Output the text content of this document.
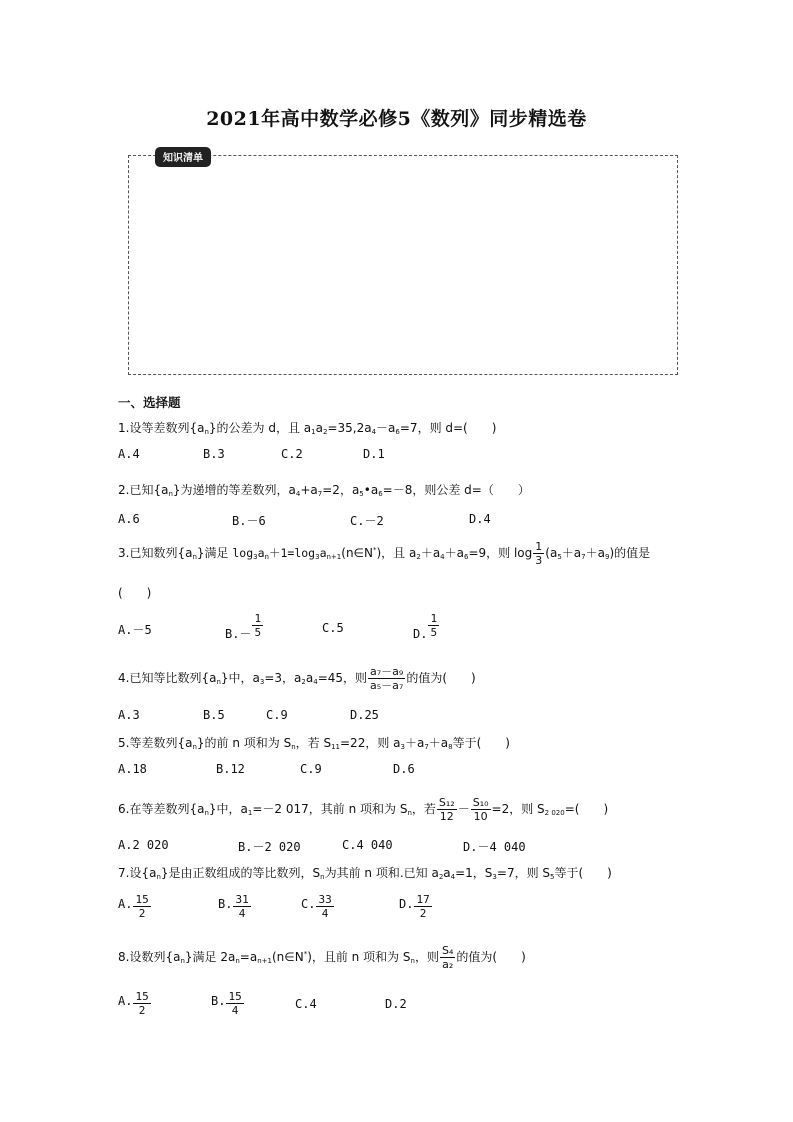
2021年高中数学必修5《数列》同步精选卷
知识清单
一、选择题
1.设等差数列$\{a_n\}$的公差为 d，且 $a_1a_2=35,2a_4-a_6=7$，则 d=(　　)
A.4	B.3	C.2	D.1
2.已知$\{a_n\}$为递增的等差数列，$a_4+a_7=2$，$a_5•a_6=-8$，则公差 d=（　　）
A.6	B.－6	C.－2	D.4
3.已知数列$\{a_n\}$满足 $\log_3a_n+1=\log_3a_{n+1}(n\in N^*)$，且 $a_2+a_4+a_6=9$，则 $\log \frac{1}{3} (a_5+a_7+a_9)$的值是
(　　)
A.－5	$B.- \frac{1}{5}$	C.5	D. $\frac{1}{5}$
4.已知等比数列$\{a_n\}$中，$a_3=3$，$a_2a_4=45$，则 $\frac{\text{a₇－a₉}}{\text{a₅－a₇}}$ 的值为(　　)
A.3	B.5	C.9	D.25
5.等差数列$\{a_n\}$的前 n 项和为 $S_n$，若 $S_{11}=22$，则 $a_3+a_7+a_8$等于(　　)
A.18	B.12	C.9	D.6
6.在等差数列$\{a_n\}$中，$a_1=-2$ 017，其前 n 项和为 $S_n$，若 $\frac{\text{S₁₂}}{12} - \frac{\text{S₁₀}}{10} =2$，则 $S_{2 020}=$(　　)
A.2 020	B.－2 020	C.4 040	D.－4 040
7.设$\{a_n\}$是由正数组成的等比数列，$S_n$为其前 n 项和.已知 $a_2a_4=1$，$S_3=7$，则 $S_5$等于(　　)
A. $\frac{15}{2}$	B. $\frac{31}{4}$	C. $\frac{33}{4}$	D. $\frac{17}{2}$
8.设数列$\{a_n\}$满足 $2a_n=a_{n+1}(n\in N^*)$，且前 n 项和为 $S_n$，则 $\frac{\text{S₄}}{\text{a₂}}$ 的值为(　　)
A. $\frac{15}{2}$	B. $\frac{15}{4}$	C.4	D.2
